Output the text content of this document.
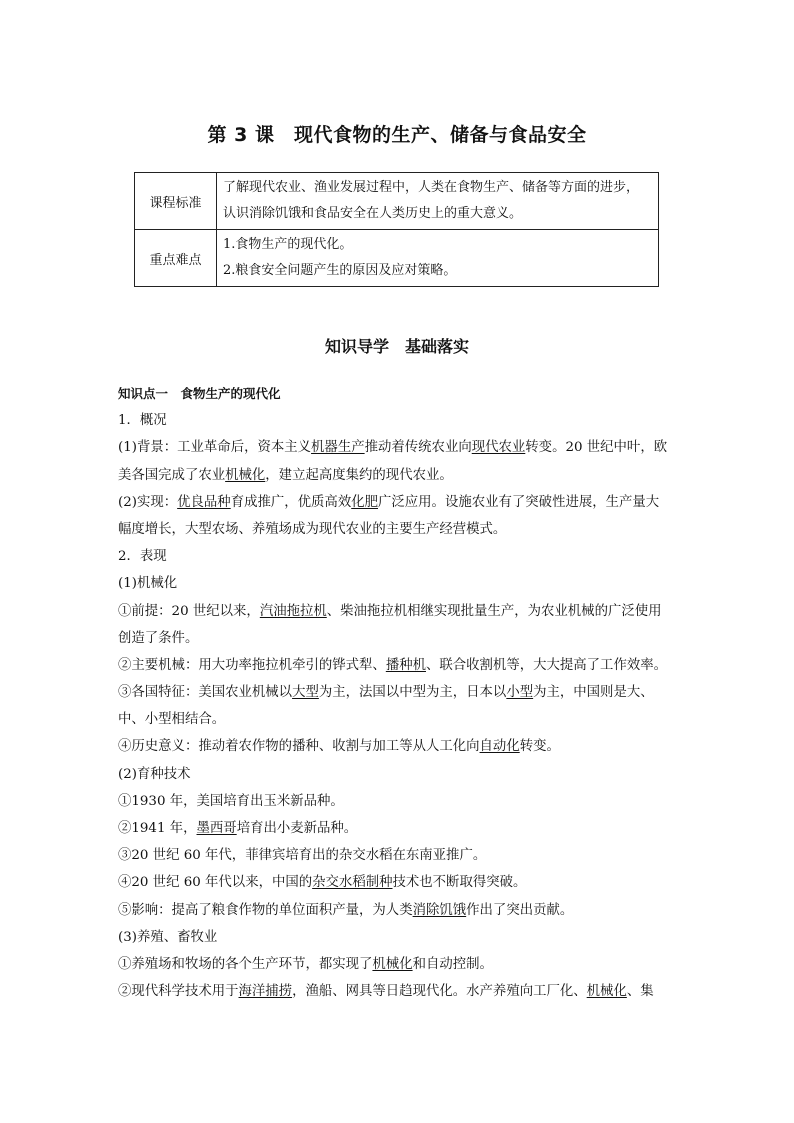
第 3 课　现代食物的生产、储备与食品安全
课程标准	了解现代农业、渔业发展过程中，人类在食物生产、储备等方面的进步，
认识消除饥饿和食品安全在人类历史上的重大意义。

重点难点	1.食物生产的现代化。
2.粮食安全问题产生的原因及应对策略。
知识导学　基础落实
知识点一　食物生产的现代化
1．概况
(1)背景：工业革命后，资本主义机器生产推动着传统农业向现代农业转变。20 世纪中叶，欧
美各国完成了农业机械化，建立起高度集约的现代农业。
(2)实现：优良品种育成推广，优质高效化肥广泛应用。设施农业有了突破性进展，生产量大
幅度增长，大型农场、养殖场成为现代农业的主要生产经营模式。
2．表现
(1)机械化
①前提：20 世纪以来，汽油拖拉机、柴油拖拉机相继实现批量生产，为农业机械的广泛使用
创造了条件。
②主要机械：用大功率拖拉机牵引的铧式犁、播种机、联合收割机等，大大提高了工作效率。
③各国特征：美国农业机械以大型为主，法国以中型为主，日本以小型为主，中国则是大、
中、小型相结合。
④历史意义：推动着农作物的播种、收割与加工等从人工化向自动化转变。
(2)育种技术
①1930 年，美国培育出玉米新品种。
②1941 年，墨西哥培育出小麦新品种。
③20 世纪 60 年代，菲律宾培育出的杂交水稻在东南亚推广。
④20 世纪 60 年代以来，中国的杂交水稻制种技术也不断取得突破。
⑤影响：提高了粮食作物的单位面积产量，为人类消除饥饿作出了突出贡献。
(3)养殖、畜牧业
①养殖场和牧场的各个生产环节，都实现了机械化和自动控制。
②现代科学技术用于海洋捕捞，渔船、网具等日趋现代化。水产养殖向工厂化、机械化、集
